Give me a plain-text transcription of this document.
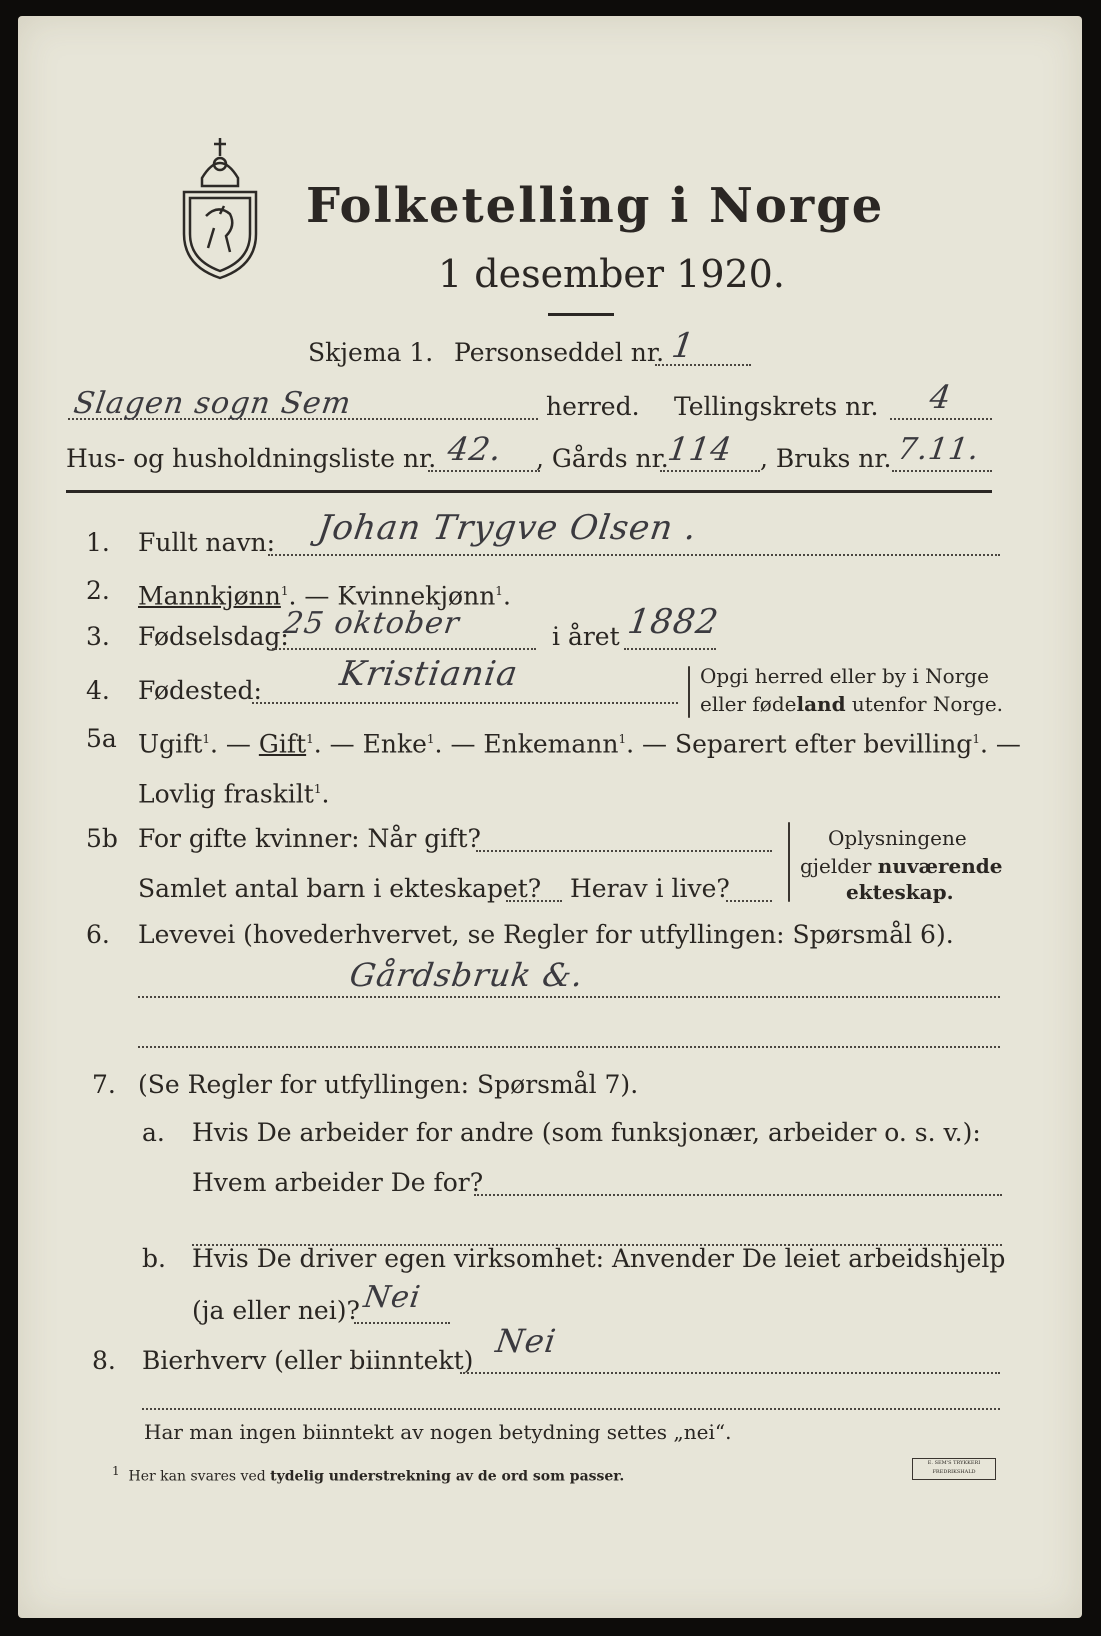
Folketelling i Norge
1 desember 1920.
Skjema 1. Personseddel nr. 1
Slagen sogn Sem	herred. Tellingskrets nr. 4
Hus- og husholdningsliste nr. 42. , Gårds nr.
114 , Bruks nr. 7.11.
1. Fullt navn: Johan Trygve Olsen .
2. Mannkjønn$^1$. — Kvinnekjønn$^1$.
3. Fødselsdag:
25 oktober	i året 1882
4. Fødested: Kristiania	Opgi herred eller by i Norge
eller fødeland utenfor Norge.
5a Ugift$^1$. — Gift$^1$. — Enke$^1$. — Enkemann$^1$. — Separert efter bevilling$^1$. —
Lovlig fraskilt$^1$.
5b For gifte kvinner: Når gift?
Samlet antal barn i ekteskapet? Herav i live?
Oplysningene
gjelder nuværende
ekteskap.
6. Levevei (hovederhvervet, se Regler for utfyllingen: Spørsmål 6).
Gårdsbruk &.
7. (Se Regler for utfyllingen: Spørsmål 7).
a. Hvis De arbeider for andre (som funksjonær, arbeider o. s. v.):
Hvem arbeider De for?
b. Hvis De driver egen virksomhet: Anvender De leiet arbeidshjelp
(ja eller nei)? Nei
8. Bierhverv (eller biinntekt)
Nei
Har man ingen biinntekt av nogen betydning settes „nei“.
$^1$ Her kan svares ved tydelig understrekning av de ord som passer.
E. SEM'S TRYKKERI FREDRIKSHALD
